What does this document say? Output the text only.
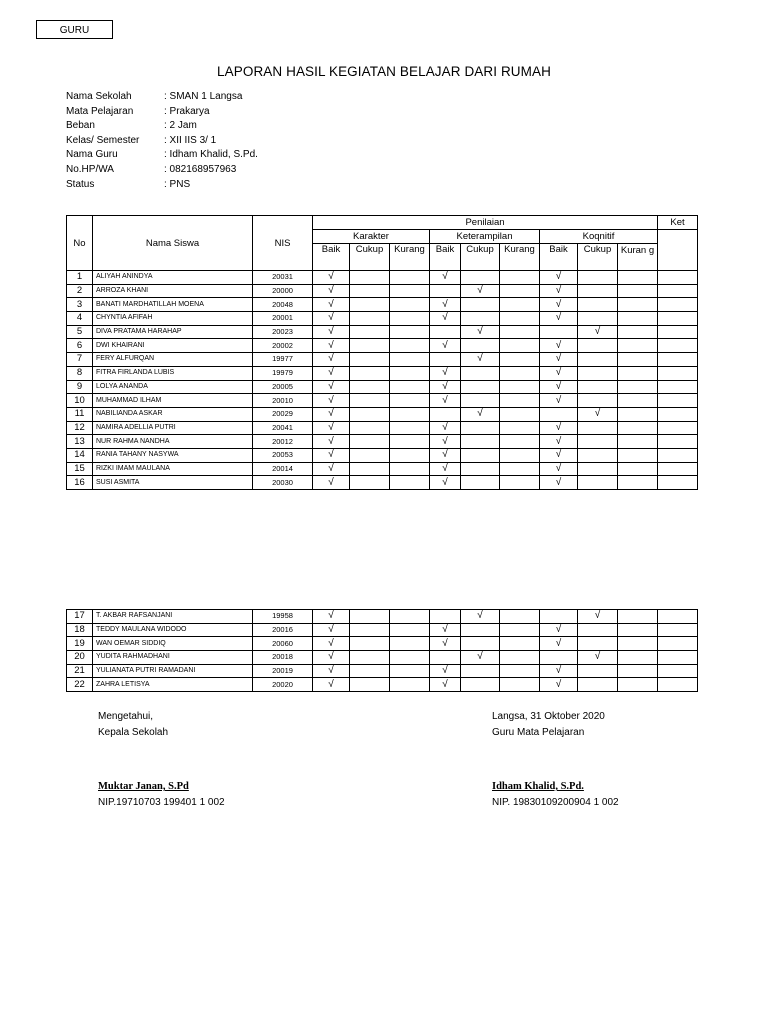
GURU
LAPORAN HASIL KEGIATAN BELAJAR DARI RUMAH
Nama Sekolah	: SMAN 1 Langsa
Mata Pelajaran	: Prakarya
Beban	: 2 Jam
Kelas/ Semester : XII IIS 3/ 1
Nama Guru	: Idham Khalid, S.Pd.
No.HP/WA	: 082168957963
Status	: PNS
No	Nama Siswa	NIS	Penilaian									Ket
			Karakter			Keterampilan			Koqnitif			
			Baik	Cukup	Kurang	Baik	Cukup	Kurang	Baik	Cukup	Kuran g	
1	ALIYAH ANINDYA	20031	√			√			√			
2	ARROZA KHANI	20000	√				√		√			
3	BANATI MARDHATILLAH MOENA	20048	√			√			√			
4	CHYNTIA AFIFAH	20001	√			√			√			
5	DIVA PRATAMA HARAHAP	20023	√				√			√		
6	DWI KHAIRANI	20002	√			√			√			
7	FERY ALFURQAN	19977	√				√		√			
8	FITRA FIRLANDA LUBIS	19979	√			√			√			
9	LOLYA ANANDA	20005	√			√			√			
10	MUHAMMAD ILHAM	20010	√			√			√			
11	NABILIANDA ASKAR	20029	√				√			√		
12	NAMIRA ADELLIA PUTRI	20041	√			√			√			
13	NUR RAHMA NANDHA	20012	√			√			√			
14	RANIA TAHANY NASYWA	20053	√			√			√			
15	RIZKI IMAM MAULANA	20014	√			√			√			
16	SUSI ASMITA	20030	√			√			√			
17	T. AKBAR RAFSANJANI	19958	√				√			√		
18	TEDDY MAULANA WIDODO	20016	√			√			√			
19	WAN OEMAR SIDDIQ	20060	√			√			√			
20	YUDITA RAHMADHANI	20018	√				√			√		
21	YULIANATA PUTRI RAMADANI	20019	√			√			√			
22	ZAHRA LETISYA	20020	√			√			√			
Mengetahui,
Kepala Sekolah
Muktar Janan, S.Pd
NIP.19710703 199401 1 002
Langsa, 31 Oktober 2020
Guru Mata Pelajaran
Idham Khalid, S.Pd.
NIP. 19830109200904 1 002
